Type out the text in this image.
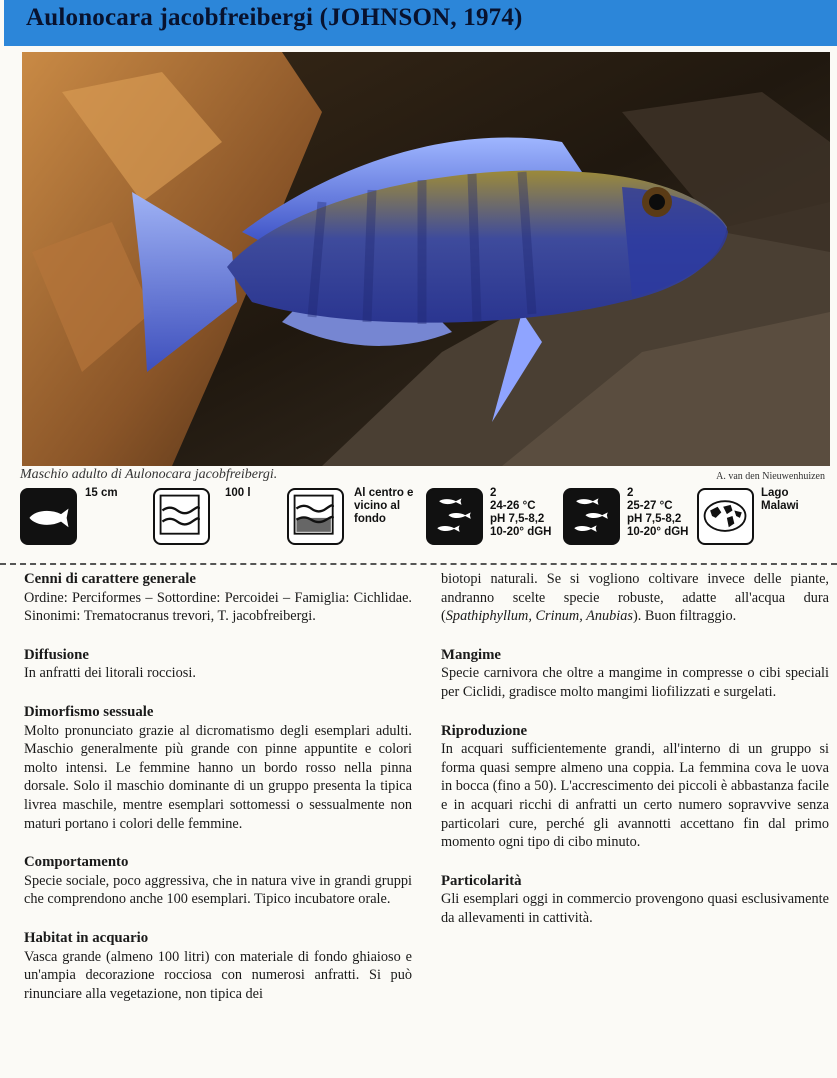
Aulonocara jacobfreibergi (JOHNSON, 1974)
Maschio adulto di Aulonocara jacobfreibergi.	A. van den Nieuwenhuizen
15 cm	100 l	Al centro e
vicino al
fondo
2
24-26 °C
pH 7,5-8,2
10-20° dGH
2
25-27 °C
pH 7,5-8,2
10-20° dGH
Lago
Malawi
Cenni di carattere generale

Ordine: Perciformes – Sottordine: Percoidei – Famiglia: Cichlidae. Sinonimi: Trematocranus trevori, T. jacobfreibergi.

Diffusione

In anfratti dei litorali rocciosi.

Dimorfismo sessuale

Molto pronunciato grazie al dicromatismo degli esemplari adulti. Maschio generalmente più grande con pinne appuntite e colori molto intensi. Le femmine hanno un bordo rosso nella pinna dorsale. Solo il maschio dominante di un gruppo presenta la tipica livrea maschile, mentre esemplari sottomessi o sessualmente non maturi portano i colori delle femmine.

Comportamento

Specie sociale, poco aggressiva, che in natura vive in grandi gruppi che comprendono anche 100 esemplari. Tipico incubatore orale.

Habitat in acquario

Vasca grande (almeno 100 litri) con materiale di fondo ghiaioso e un'ampia decorazione rocciosa con numerosi anfratti. Si può rinunciare alla vegetazione, non tipica dei

biotopi naturali. Se si vogliono coltivare invece delle piante, andranno scelte specie robuste, adatte all'acqua dura (Spathiphyllum, Crinum, Anubias). Buon filtraggio.

Mangime

Specie carnivora che oltre a mangime in compresse o cibi speciali per Ciclidi, gradisce molto mangimi liofilizzati e surgelati.

Riproduzione

In acquari sufficientemente grandi, all'interno di un gruppo si forma quasi sempre almeno una coppia. La femmina cova le uova in bocca (fino a 50). L'accrescimento dei piccoli è abbastanza facile e in acquari ricchi di anfratti un certo numero sopravvive senza particolari cure, perché gli avannotti accettano fin dal primo momento ogni tipo di cibo minuto.

Particolarità

Gli esemplari oggi in commercio provengono quasi esclusivamente da allevamenti in cattività.
